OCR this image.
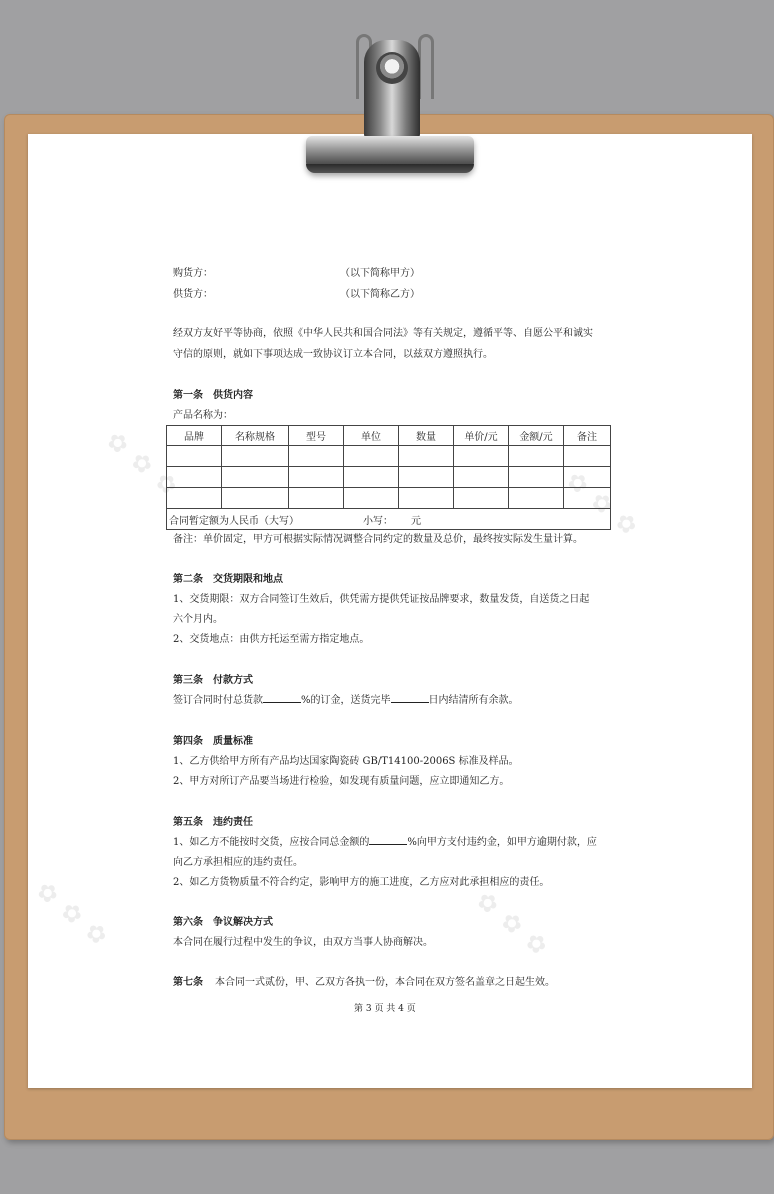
✿ ✿ ✿
✿ ✿ ✿
✿ ✿ ✿	✿ ✿ ✿
购货方：	（以下简称甲方）
供货方：	（以下简称乙方）
经双方友好平等协商，依照《中华人民共和国合同法》等有关规定，遵循平等、自愿公平和诚实
守信的原则，就如下事项达成一致协议订立本合同，以兹双方遵照执行。
第一条　供货内容
产品名称为：
品牌	名称规格	型号	单位	数量	单价/元	金额/元	备注

合同暂定额为人民币（大写） 小写： 元							
备注：单价固定，甲方可根据实际情况调整合同约定的数量及总价，最终按实际发生量计算。
第二条　交货期限和地点
1、交货期限：双方合同签订生效后，供凭需方提供凭证按品牌要求，数量发货，自送货之日起
六个月内。
2、交货地点：由供方托运至需方指定地点。
第三条　付款方式
签订合同时付总货款	%的订金，送货完毕	日内结清所有余款。
第四条　质量标准
1、乙方供给甲方所有产品均达国家陶瓷砖 GB/T14100-2006S 标准及样品。
2、甲方对所订产品要当场进行检验，如发现有质量问题，应立即通知乙方。
第五条　违约责任
1、如乙方不能按时交货，应按合同总金额的	%向甲方支付违约金，如甲方逾期付款，应
向乙方承担相应的违约责任。
2、如乙方货物质量不符合约定，影响甲方的施工进度，乙方应对此承担相应的责任。
第六条　争议解决方式
本合同在履行过程中发生的争议，由双方当事人协商解决。
第七条 本合同一式贰份，甲、乙双方各执一份，本合同在双方签名盖章之日起生效。
第 3 页 共 4 页
